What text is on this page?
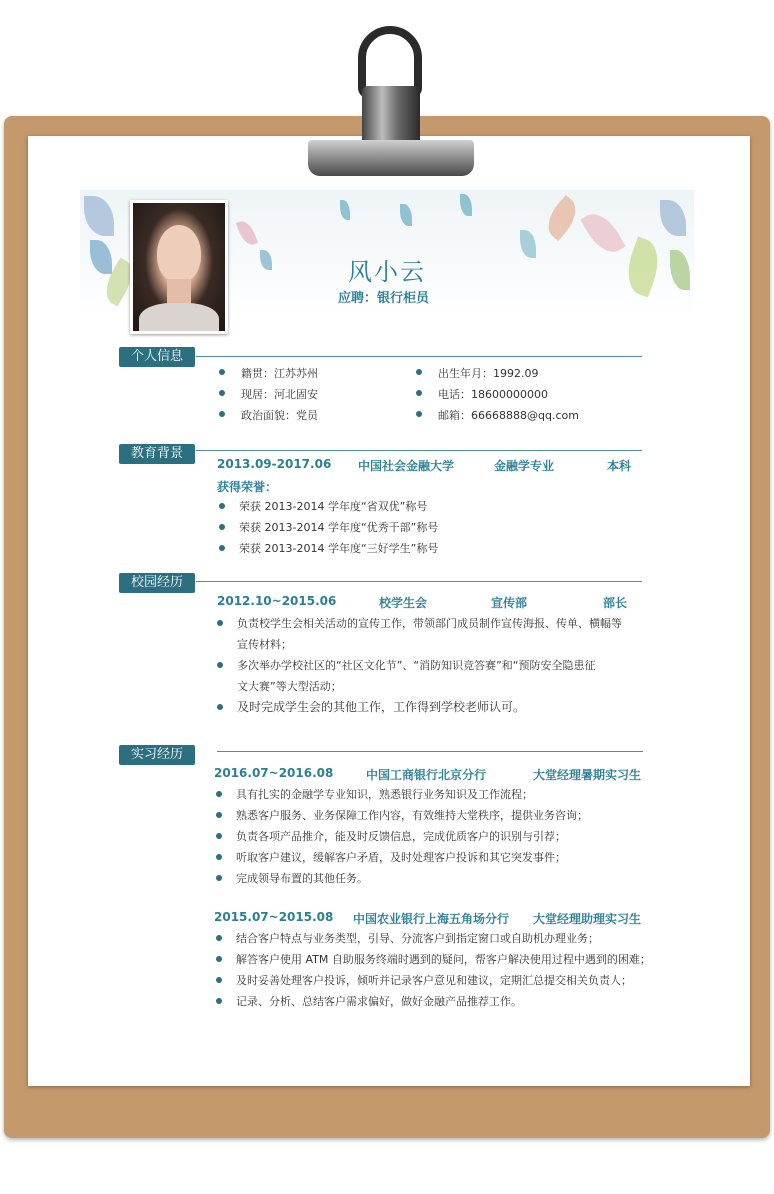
风小云
应聘：银行柜员
个人信息
籍贯：江苏苏州
现居：河北固安
政治面貌：党员
出生年月：1992.09
电话：18600000000
邮箱：66668888@qq.com
教育背景
2013.09-2017.06 中国社会金融大学	金融学专业	本科
获得荣誉：
荣获 2013-2014 学年度“省双优”称号
荣获 2013-2014 学年度“优秀干部”称号
荣获 2013-2014 学年度“三好学生”称号
校园经历
2012.10~2015.06	校学生会	宣传部	部长
负责校学生会相关活动的宣传工作，带领部门成员制作宣传海报、传单、横幅等
宣传材料；
多次举办学校社区的“社区文化节”、“消防知识竞答赛”和“预防安全隐患征
文大赛”等大型活动；
及时完成学生会的其他工作，工作得到学校老师认可。
实习经历
2016.07~2016.08	中国工商银行北京分行	大堂经理暑期实习生
具有扎实的金融学专业知识，熟悉银行业务知识及工作流程；
熟悉客户服务、业务保障工作内容，有效维持大堂秩序，提供业务咨询；
负责各项产品推介，能及时反馈信息，完成优质客户的识别与引荐；
听取客户建议，缓解客户矛盾，及时处理客户投诉和其它突发事件；
完成领导布置的其他任务。
2015.07~2015.08 中国农业银行上海五角场分行 大堂经理助理实习生
结合客户特点与业务类型，引导、分流客户到指定窗口或自助机办理业务；
解答客户使用 ATM 自助服务终端时遇到的疑问，帮客户解决使用过程中遇到的困难；
及时妥善处理客户投诉，倾听并记录客户意见和建议，定期汇总提交相关负责人；
记录、分析、总结客户需求偏好，做好金融产品推荐工作。
